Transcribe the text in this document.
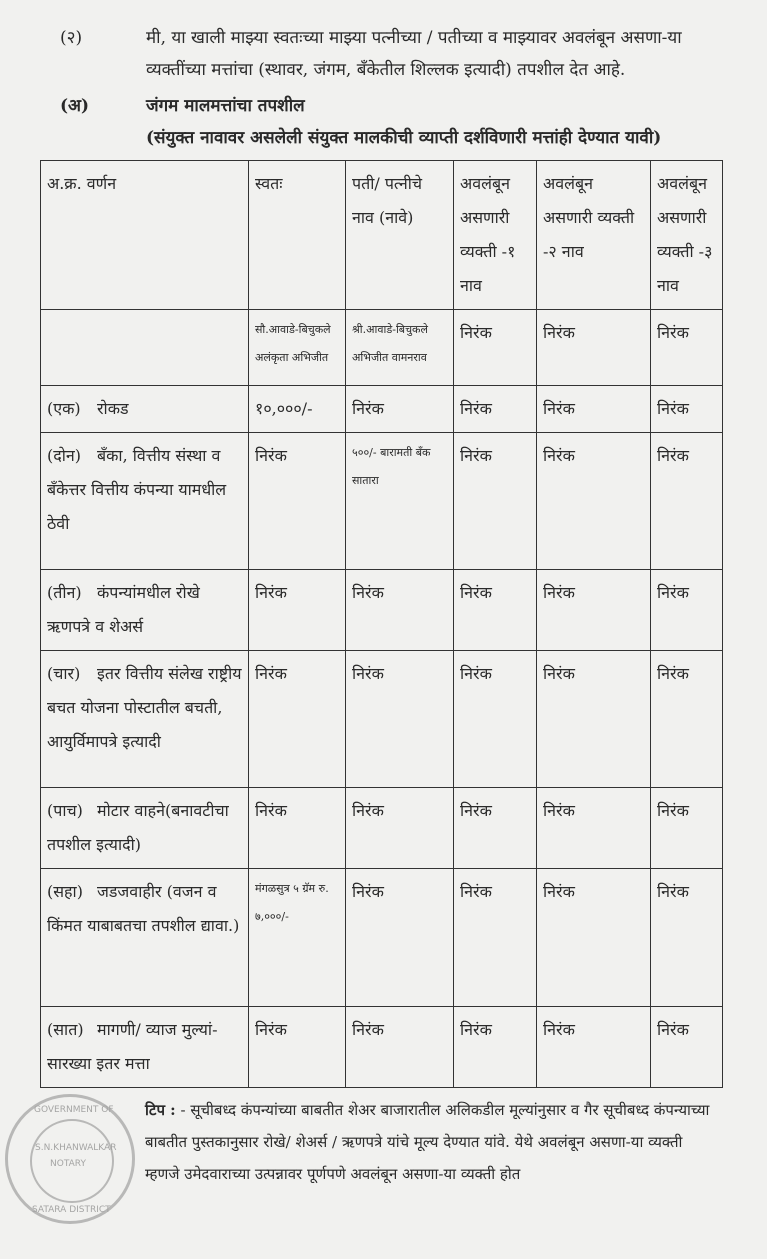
(२)	मी, या खाली माझ्या स्वतःच्या माझ्या पत्नीच्या / पतीच्या व माझ्यावर अवलंबून असणा-या व्यक्तींच्या मत्तांचा (स्थावर, जंगम, बँकेतील शिल्लक इत्यादी) तपशील देत आहे.
(अ)	जंगम मालमत्तांचा तपशील
(संयुक्त नावावर असलेली संयुक्त मालकीची व्याप्ती दर्शविणारी मत्तांही देण्यात यावी)
अ.क्र. वर्णन	स्वतः	पती/ पत्नीचे नाव (नावे)	अवलंबून असणारी व्यक्ती -१ नाव	अवलंबून असणारी व्यक्ती -२ नाव	अवलंबून असणारी व्यक्ती -३ नाव
	सौ.आवाडे-बिचुकले अलंकृता अभिजीत	श्री.आवाडे-बिचुकले अभिजीत वामनराव	निरंक	निरंक	निरंक
(एक) रोकड	१०,०००/-	निरंक	निरंक	निरंक	निरंक
(दोन) बँका, वित्तीय संस्था व बँकेत्तर वित्तीय कंपन्या यामधील ठेवी	निरंक	५००/- बारामती बँक सातारा	निरंक	निरंक	निरंक
(तीन) कंपन्यांमधील रोखे ऋणपत्रे व शेअर्स	निरंक	निरंक	निरंक	निरंक	निरंक
(चार) इतर वित्तीय संलेख राष्ट्रीय बचत योजना पोस्टातील बचती, आयुर्विमापत्रे इत्यादी	निरंक	निरंक	निरंक	निरंक	निरंक
(पाच) मोटार वाहने(बनावटीचा तपशील इत्यादी)	निरंक	निरंक	निरंक	निरंक	निरंक
(सहा) जडजवाहीर (वजन व किंमत याबाबतचा तपशील द्यावा.)	मंगळसुत्र ५ ग्रॅम रु. ७,०००/-	निरंक	निरंक	निरंक	निरंक
(सात) मागणी/ व्याज मुल्यां-सारख्या इतर मत्ता	निरंक	निरंक	निरंक	निरंक	निरंक
GOVERNMENT OF
S.N.KHANWALKAR
NOTARY
SATARA DISTRICT
टिप : - सूचीबध्द कंपन्यांच्या बाबतीत शेअर बाजारातील अलिकडील मूल्यांनुसार व गैर सूचीबध्द कंपन्याच्या बाबतीत पुस्तकानुसार रोखे/ शेअर्स / ऋणपत्रे यांचे मूल्य देण्यात यांवे. येथे अवलंबून असणा-या व्यक्ती म्हणजे उमेदवाराच्या उत्पन्नावर पूर्णपणे अवलंबून असणा-या व्यक्ती होत
